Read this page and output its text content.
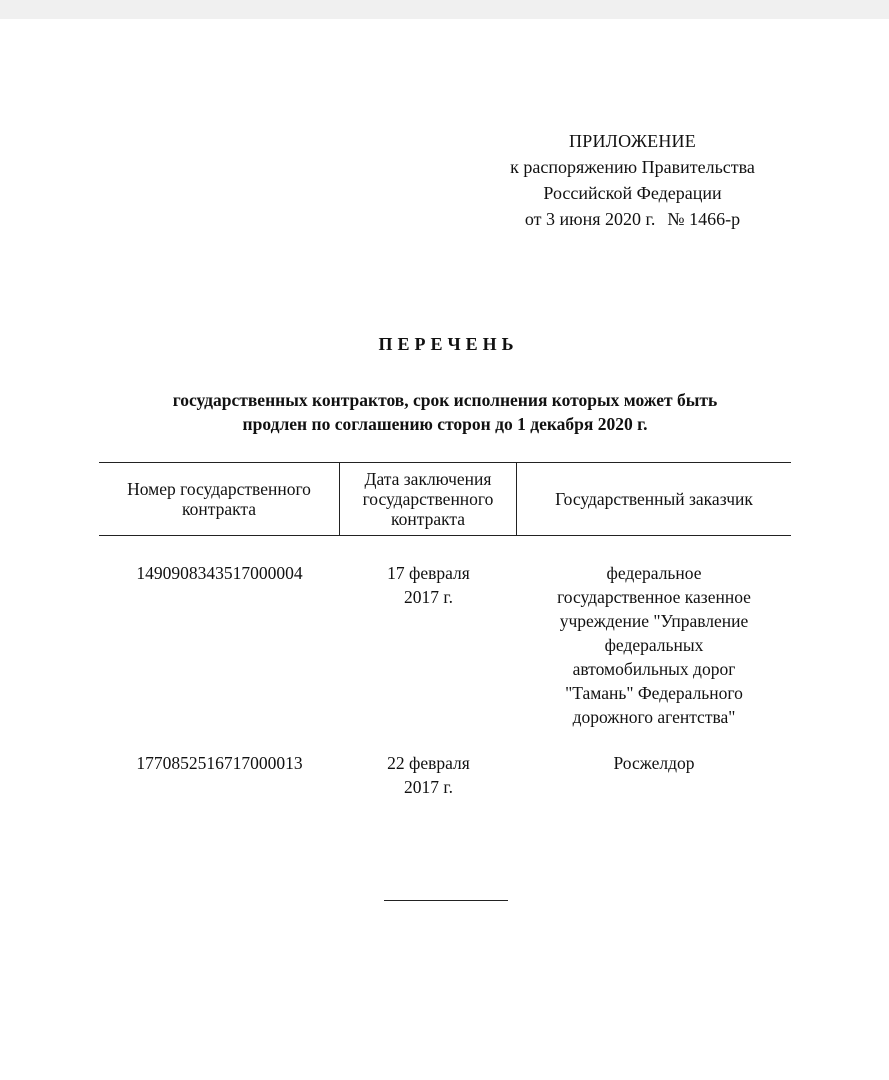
ПРИЛОЖЕНИЕ
к распоряжению Правительства
Российской Федерации
от 3 июня 2020 г. № 1466-р
ПЕРЕЧЕНЬ
государственных контрактов, срок исполнения которых может быть
продлен по соглашению сторон до 1 декабря 2020 г.
Номер государственного
контракта
Дата заключения
государственного
контракта
Государственный заказчик
1490908343517000004	17 февраля
2017 г.
федеральное
государственное казенное
учреждение "Управление
федеральных
автомобильных дорог
"Тамань" Федерального
дорожного агентства"
1770852516717000013	22 февраля
2017 г.
Росжелдор
